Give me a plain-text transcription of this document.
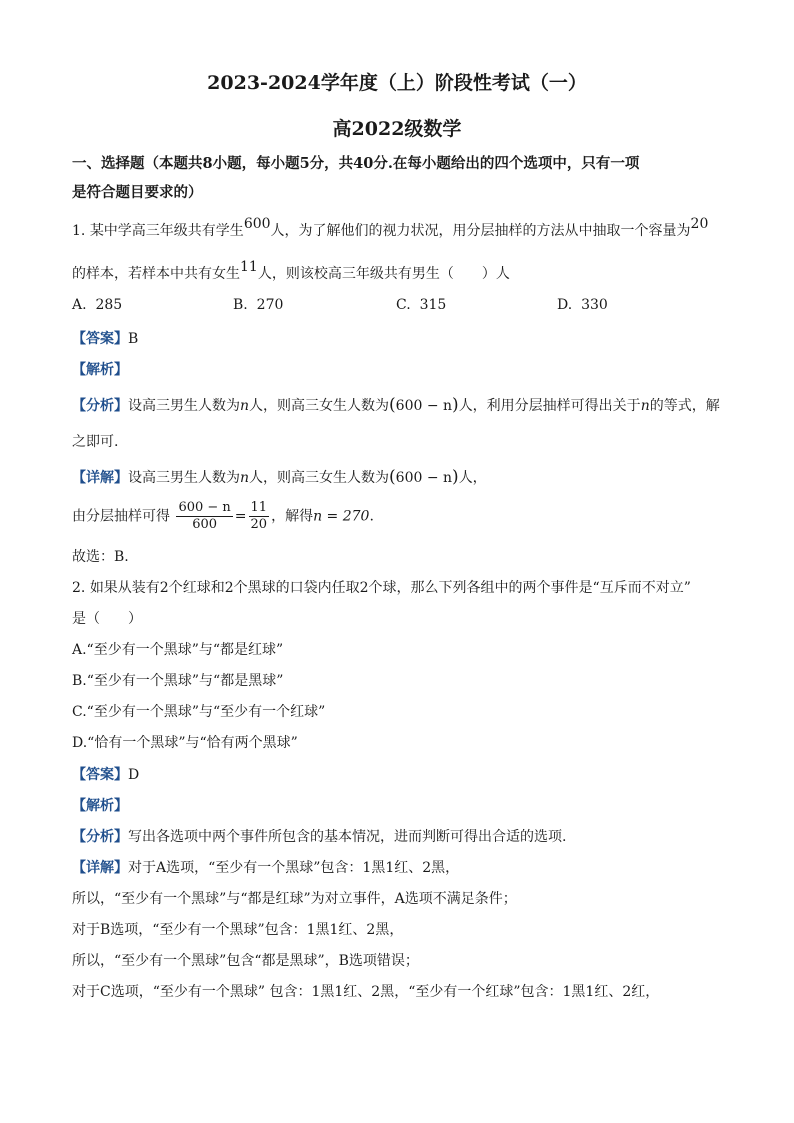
2023-2024学年度（上）阶段性考试（一）
高2022级数学
一、选择题（本题共8小题，每小题5分，共40分.在每小题给出的四个选项中，只有一项
是符合题目要求的）
1. 某中学高三年级共有学生600人，为了解他们的视力状况，用分层抽样的方法从中抽取一个容量为20
的样本，若样本中共有女生11人，则该校高三年级共有男生（　　）人
A. 285	B. 270	C. 315	D. 330
【答案】B
【解析】
【分析】设高三男生人数为n人，则高三女生人数为(600 − n)人，利用分层抽样可得出关于n的等式，解
之即可.
【详解】设高三男生人数为n人，则高三女生人数为(600 − n)人，
由分层抽样可得 $\frac{600 - n}{600} = \frac{11}{20}$ ，解得n = 270.
故选：B.
2. 如果从装有2个红球和2个黑球的口袋内任取2个球，那么下列各组中的两个事件是“互斥而不对立”
是（　　）
A.“至少有一个黑球”与“都是红球”
B.“至少有一个黑球”与“都是黑球”
C.“至少有一个黑球”与“至少有一个红球”
D.“恰有一个黑球”与“恰有两个黑球”
【答案】D
【解析】
【分析】写出各选项中两个事件所包含的基本情况，进而判断可得出合适的选项.
【详解】对于A选项，“至少有一个黑球”包含：1黑1红、2黑，
所以，“至少有一个黑球”与“都是红球”为对立事件，A选项不满足条件；
对于B选项，“至少有一个黑球”包含：1黑1红、2黑，
所以，“至少有一个黑球”包含“都是黑球”，B选项错误；
对于C选项，“至少有一个黑球” 包含：1黑1红、2黑，“至少有一个红球”包含：1黑1红、2红，
